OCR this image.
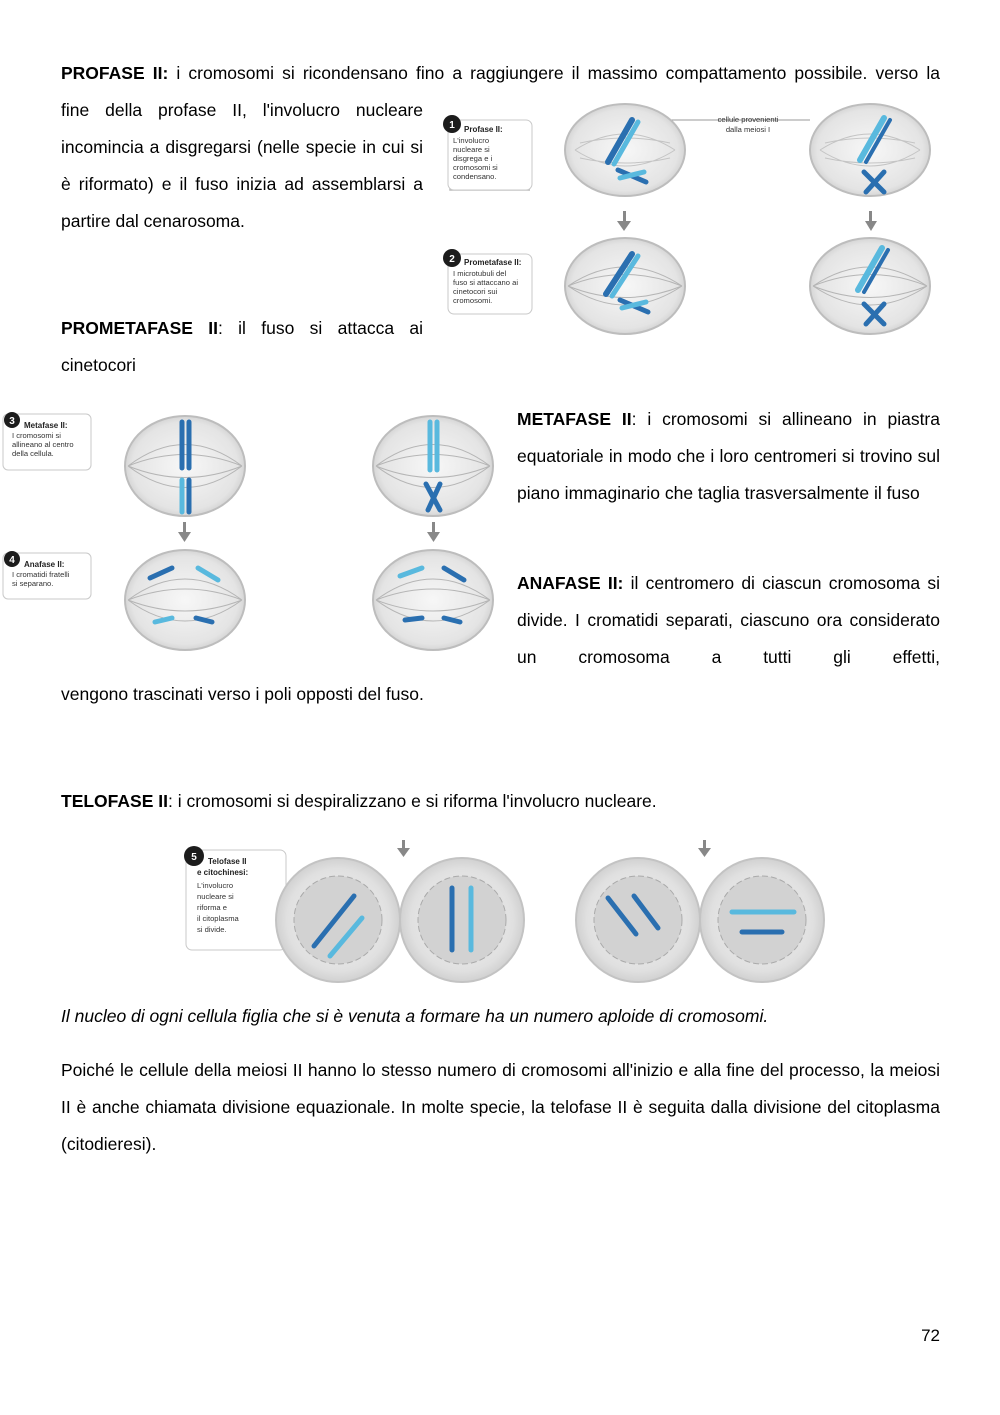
PROFASE II: i cromosomi si ricondensano fino a raggiungere il massimo compattamento possibile. verso la
fine della profase II, l'involucro nucleare incomincia a disgregarsi (nelle specie in cui si è riformato) e il fuso inizia ad assemblarsi a partire dal cenarosoma.
PROMETAFASE II: il fuso si attacca ai cinetocori
METAFASE II: i cromosomi si allineano in piastra equatoriale in modo che i loro centromeri si trovino sul piano immaginario che taglia trasversalmente il fuso
ANAFASE II: il centromero di ciascun cromosoma si divide. I cromatidi separati, ciascuno ora considerato un cromosoma a tutti gli effetti,
vengono trascinati verso i poli opposti del fuso.
TELOFASE II: i cromosomi si despiralizzano e si riforma l'involucro nucleare.
Il nucleo di ogni cellula figlia che si è venuta a formare ha un numero aploide di cromosomi.
Poiché le cellule della meiosi II hanno lo stesso numero di cromosomi all'inizio e alla fine del processo, la meiosi II è anche chiamata divisione equazionale. In molte specie, la telofase II è seguita dalla divisione del citoplasma (citodieresi).
72
1 Profase II:
L'involucro
nucleare si
disgrega e i
cromosomi si
condensano.
2 Prometafase II:
I microtubuli del
fuso si attaccano ai
cinetocori sui
cromosomi.
cellule provenienti
dalla meiosi I
3 Metafase II:
I cromosomi si
allineano al centro
della cellula.
4 Anafase II:
I cromatidi fratelli
si separano.
5 Telofase II
e citochinesi:
L'involucro
nucleare si
riforma e
il citoplasma
si divide.
